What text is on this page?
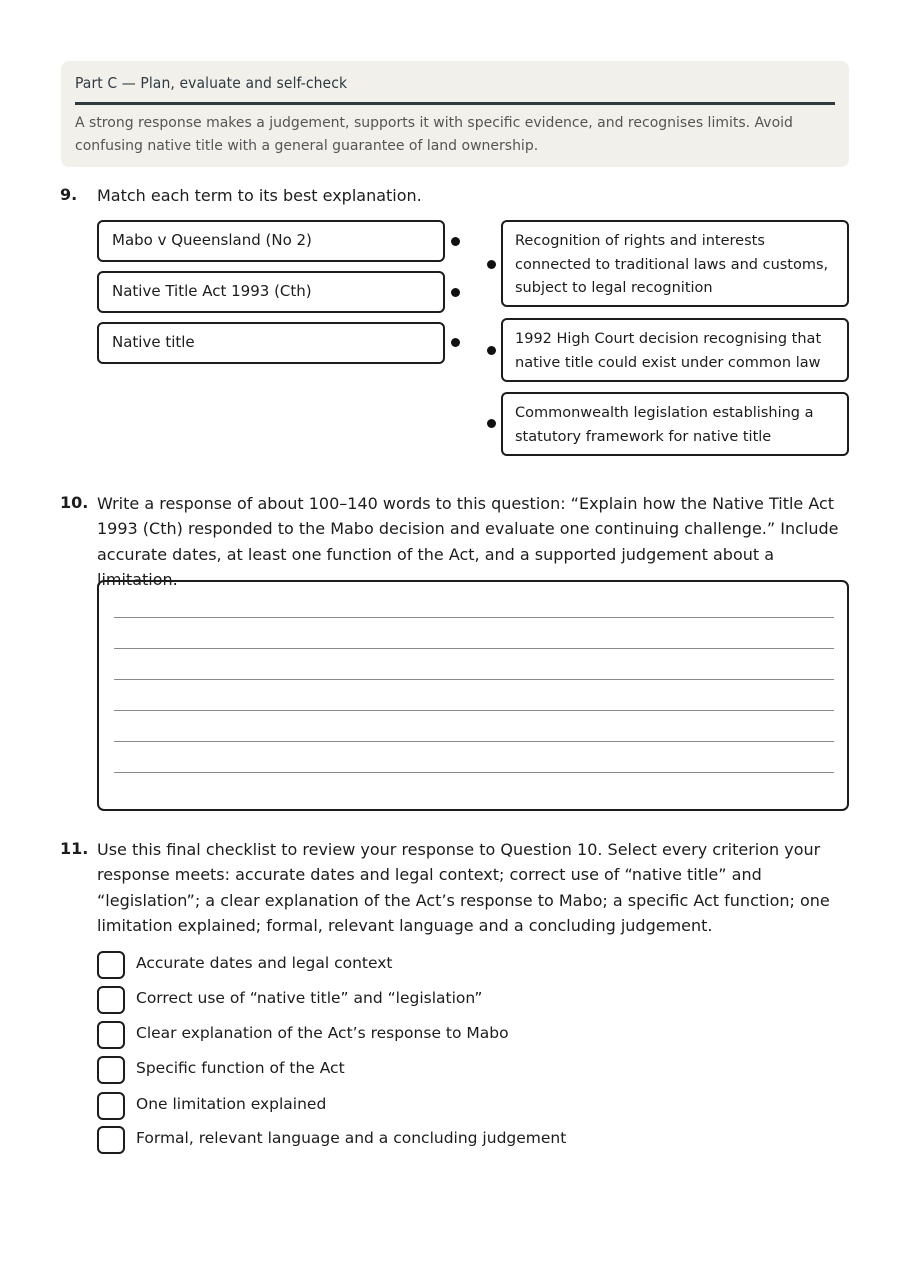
Part C — Plan, evaluate and self-check
A strong response makes a judgement, supports it with specific evidence, and recognises limits. Avoid confusing native title with a general guarantee of land ownership.
9. Match each term to its best explanation.
Mabo v Queensland (No 2)
Native Title Act 1993 (Cth)
Native title
Recognition of rights and interests connected to traditional laws and customs, subject to legal recognition
1992 High Court decision recognising that native title could exist under common law
Commonwealth legislation establishing a statutory framework for native title
10. Write a response of about 100–140 words to this question: “Explain how the Native Title Act 1993 (Cth) responded to the Mabo decision and evaluate one continuing challenge.” Include accurate dates, at least one function of the Act, and a supported judgement about a limitation.
11. Use this final checklist to review your response to Question 10. Select every criterion your response meets: accurate dates and legal context; correct use of “native title” and “legislation”; a clear explanation of the Act’s response to Mabo; a specific Act function; one limitation explained; formal, relevant language and a concluding judgement.
Accurate dates and legal context
Correct use of “native title” and “legislation”
Clear explanation of the Act’s response to Mabo
Specific function of the Act
One limitation explained
Formal, relevant language and a concluding judgement
